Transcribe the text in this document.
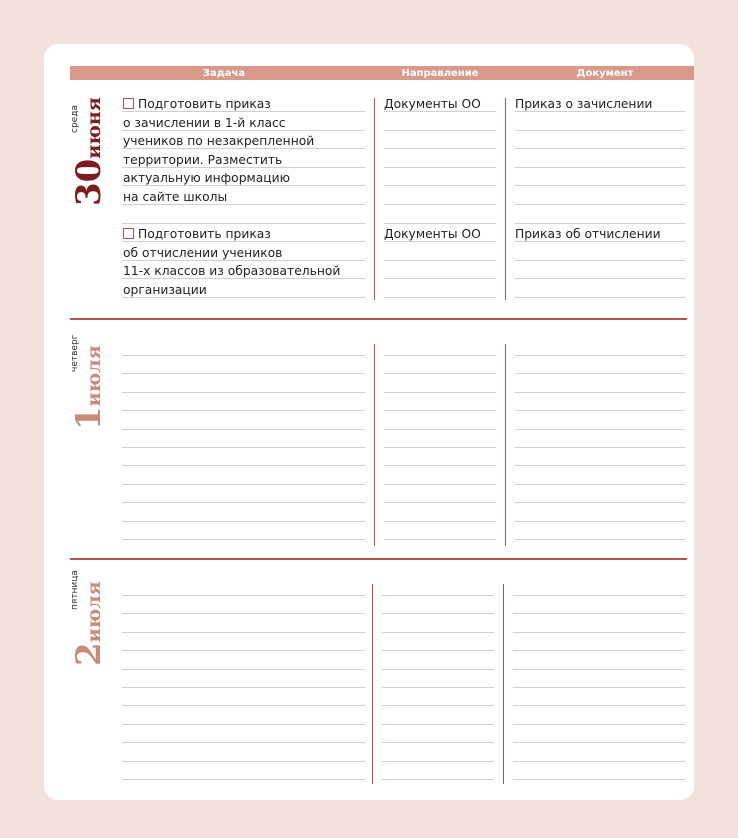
Задача	Направление	Документ
среда
30
июня	Подготовить приказ
о зачислении в 1-й класс
учеников по незакрепленной
территории. Разместить
актуальную информацию
на сайте школы
Документы ОО	Приказ о зачислении
Подготовить приказ
об отчислении учеников
11-х классов из образовательной
организации
Документы ОО	Приказ об отчислении
четверг
1
июля
пятница
2
июля
